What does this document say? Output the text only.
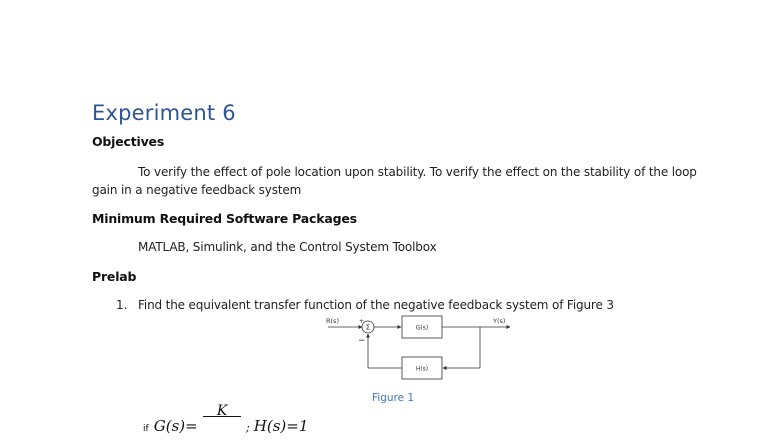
Experiment 6
Objectives
To verify the effect of pole location upon stability. To verify the effect on the stability of the loop
gain in a negative feedback system
Minimum Required Software Packages
MATLAB, Simulink, and the Control System Toolbox
Prelab
1. Find the equivalent transfer function of the negative feedback system of Figure 3
R(s)	Y(s)
Σ
+
−
G(s)
H(s)
Figure 1
if G(s)=
K
; H(s)=1
